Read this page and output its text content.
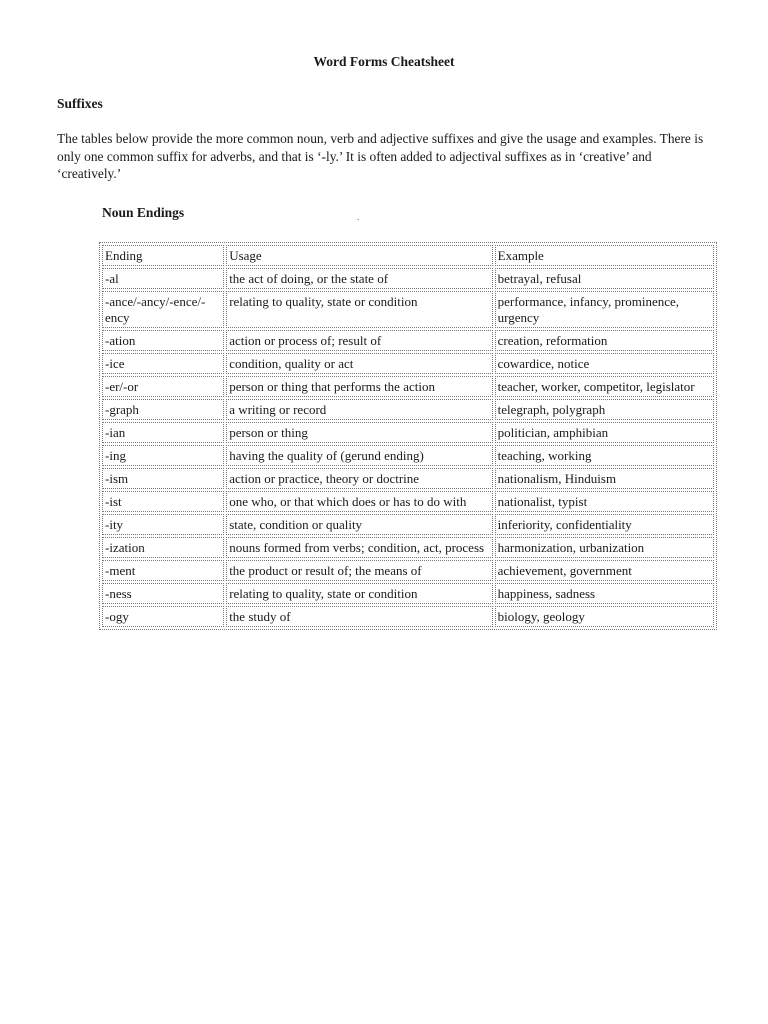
Word Forms Cheatsheet
Suffixes

The tables below provide the more common noun, verb and adjective suffixes and give the usage and examples. There is only one common suffix for adverbs, and that is ‘-ly.’ It is often added to adjectival suffixes as in ‘creative’ and ‘creatively.’

Noun Endings	.
Ending	Usage	Example
-al	the act of doing, or the state of	betrayal, refusal
-ance/-ancy/-ence/-ency	relating to quality, state or condition	performance, infancy, prominence, urgency
-ation	action or process of; result of	creation, reformation
-ice	condition, quality or act	cowardice, notice
-er/-or	person or thing that performs the action	teacher, worker, competitor, legislator
-graph	a writing or record	telegraph, polygraph
-ian	person or thing	politician, amphibian
-ing	having the quality of (gerund ending)	teaching, working
-ism	action or practice, theory or doctrine	nationalism, Hinduism
-ist	one who, or that which does or has to do with	nationalist, typist
-ity	state, condition or quality	inferiority, confidentiality
-ization	nouns formed from verbs; condition, act, process	harmonization, urbanization
-ment	the product or result of; the means of	achievement, government
-ness	relating to quality, state or condition	happiness, sadness
-ogy	the study of	biology, geology
